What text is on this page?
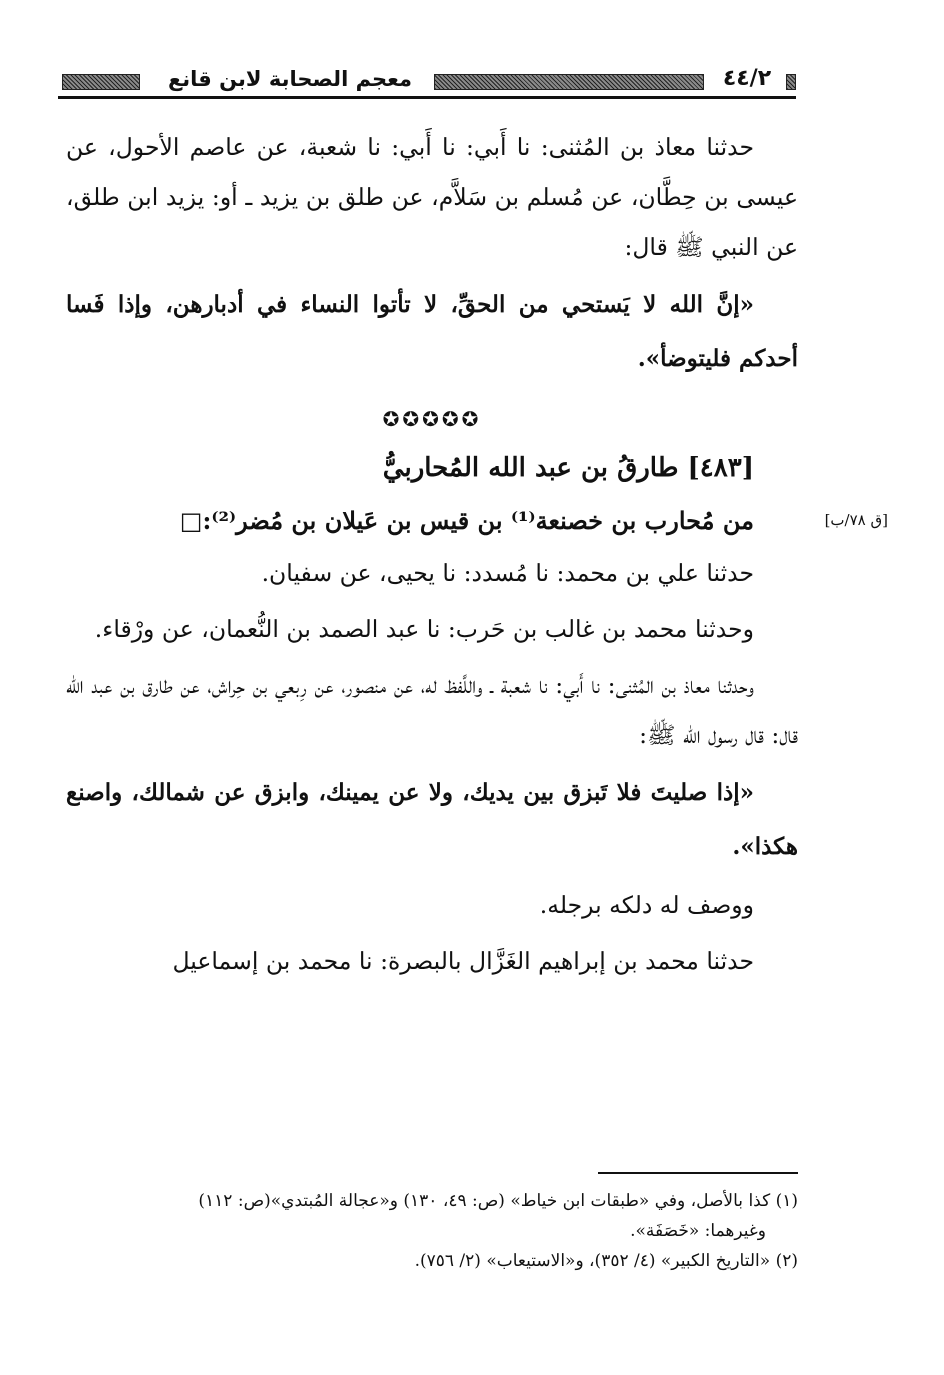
معجم الصحابة لابن قانع	٤٤/٢

حدثنا معاذ بن المُثنى: نا أَبي: نا أَبي: نا شعبة، عن عاصم الأحول، عن عيسى بن حِطَّان، عن مُسلم بن سَلاَّم، عن طلق بن يزيد ـ أو: يزيد ابن طلق، عن النبي ﷺ قال:

«إنَّ الله لا يَستحي من الحقِّ، لا تأتوا النساء في أدبارهن، وإذا فَسا أحدكم فليتوضأ».

✪✪✪✪✪
[٤٨٣] طارقُ بن عبد الله المُحاربيُّ
من مُحارب بن خصنعة⁽¹⁾ بن قيس بن عَيلان بن مُضر⁽²⁾:□	[ق ٧٨/ب]

حدثنا علي بن محمد: نا مُسدد: نا يحيى، عن سفيان.

وحدثنا محمد بن غالب بن حَرب: نا عبد الصمد بن النُّعمان، عن ورْقاء.

وحدثنا معاذ بن المُثنى: نا أَبي: نا شعبة ـ واللَّفظ له، عن منصور، عن رِبعي بن حِراش، عن طارق بن عبد الله قال: قال رسول الله ﷺ:

«إذا صليتَ فلا تَبزق بين يديك، ولا عن يمينك، وابزق عن شمالك، واصنع هكذا».

ووصف له دلكه برجله.

حدثنا محمد بن إبراهيم الغَزَّال بالبصرة: نا محمد بن إسماعيل

(١) كذا بالأصل، وفي «طبقات ابن خياط» (ص: ٤٩، ١٣٠) و«عجالة المُبتدي»(ص: ١١٢)

وغيرهما: «خَصَفَة».

(٢) «التاريخ الكبير» (٤/ ٣٥٢)، و«الاستيعاب» (٢/ ٧٥٦).
